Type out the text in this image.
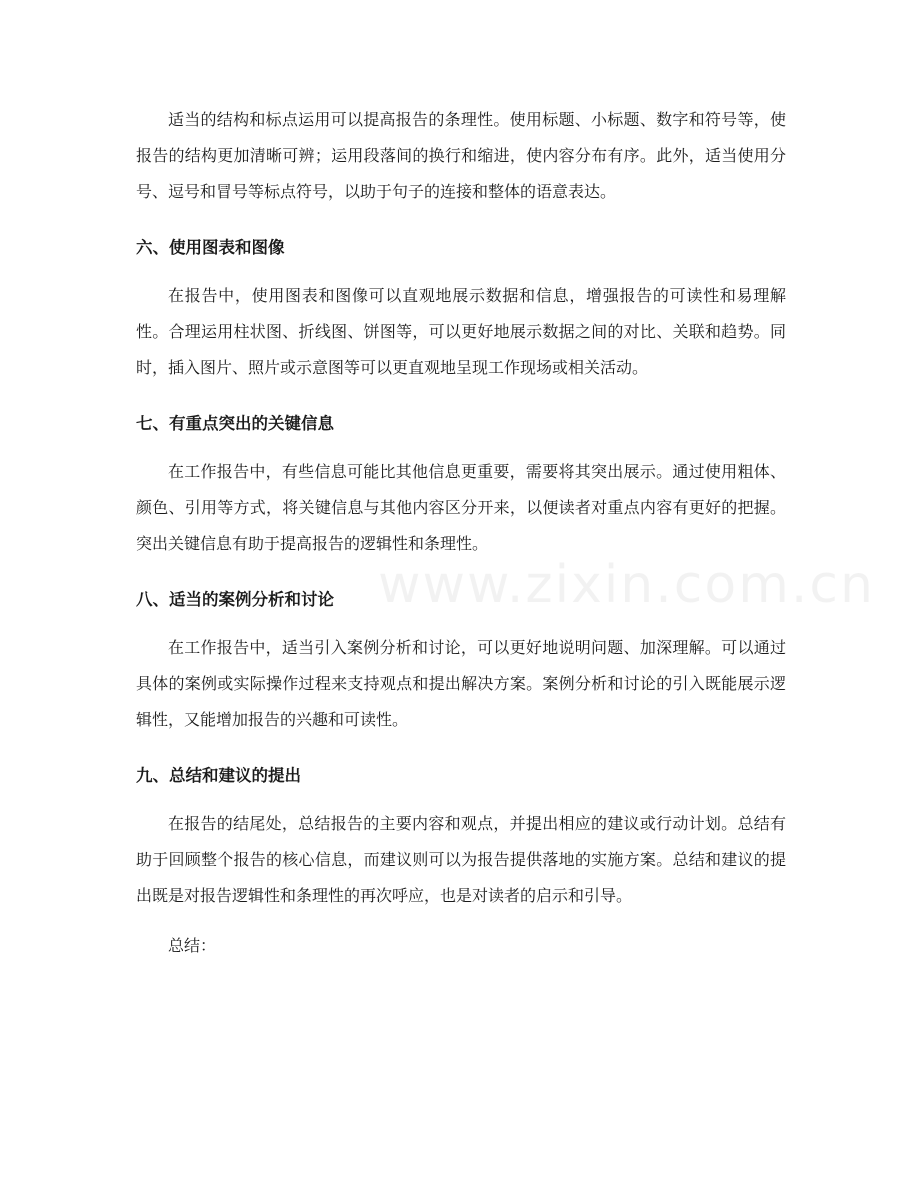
www.zixin.com.cn

适当的结构和标点运用可以提高报告的条理性。使用标题、小标题、数字和符号等，使报告的结构更加清晰可辨；运用段落间的换行和缩进，使内容分布有序。此外，适当使用分号、逗号和冒号等标点符号，以助于句子的连接和整体的语意表达。

六、使用图表和图像

在报告中，使用图表和图像可以直观地展示数据和信息，增强报告的可读性和易理解性。合理运用柱状图、折线图、饼图等，可以更好地展示数据之间的对比、关联和趋势。同时，插入图片、照片或示意图等可以更直观地呈现工作现场或相关活动。

七、有重点突出的关键信息

在工作报告中，有些信息可能比其他信息更重要，需要将其突出展示。通过使用粗体、颜色、引用等方式，将关键信息与其他内容区分开来，以便读者对重点内容有更好的把握。突出关键信息有助于提高报告的逻辑性和条理性。

八、适当的案例分析和讨论

在工作报告中，适当引入案例分析和讨论，可以更好地说明问题、加深理解。可以通过具体的案例或实际操作过程来支持观点和提出解决方案。案例分析和讨论的引入既能展示逻辑性，又能增加报告的兴趣和可读性。

九、总结和建议的提出

在报告的结尾处，总结报告的主要内容和观点，并提出相应的建议或行动计划。总结有助于回顾整个报告的核心信息，而建议则可以为报告提供落地的实施方案。总结和建议的提出既是对报告逻辑性和条理性的再次呼应，也是对读者的启示和引导。

总结：
